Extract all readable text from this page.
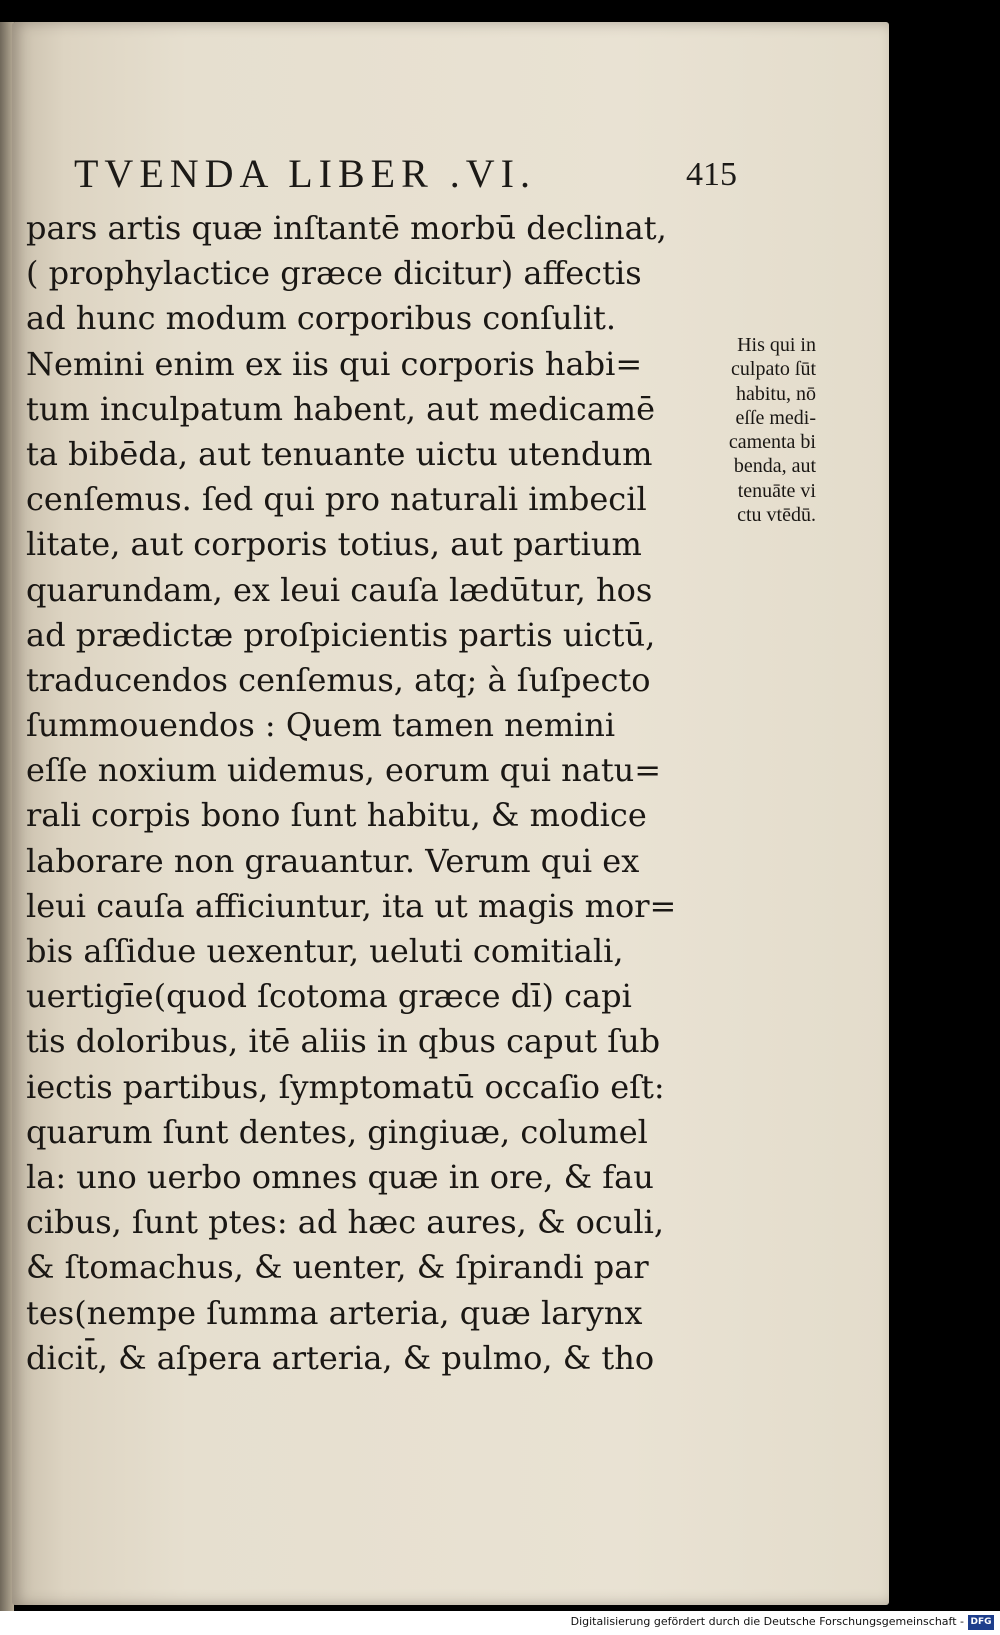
TVENDA LIBER .VI.	415
pars artis quæ inſtantē morbū declinat,
( prophylactice græce dicitur) affectis
ad hunc modum corporibus conſulit.
Nemini enim ex iis qui corporis habi=
tum inculpatum habent, aut medicamē
ta bibēda, aut tenuante uictu utendum
cenſemus. ſed qui pro naturali imbecil
litate, aut corporis totius, aut partium
quarundam, ex leui cauſa lædūtur, hos
ad prædictæ proſpicientis partis uictū,
traducendos cenſemus, atq; à ſuſpecto
ſummouendos : Quem tamen nemini
eſſe noxium uidemus, eorum qui natu=
rali corpis bono ſunt habitu, & modice
laborare non grauantur. Verum qui ex
leui cauſa afficiuntur, ita ut magis mor=
bis aſſidue uexentur, ueluti comitiali,
uertigīe(quod ſcotoma græce dī) capi
tis doloribus, itē aliis in qbus caput ſub
iectis partibus, ſymptomatū occaſio eſt:
quarum ſunt dentes, gingiuæ, columel
la: uno uerbo omnes quæ in ore, & fau
cibus, ſunt ptes: ad hæc aures, & oculi,
& ſtomachus, & uenter, & ſpirandi par
tes(nempe ſumma arteria, quæ larynx
dicit̄, & aſpera arteria, & pulmo, & tho
His qui in
culpato ſūt
habitu, nō
eſſe medi-
camenta bi
benda, aut
tenuāte vi
ctu vtēdū.
Digitalisierung gefördert durch die Deutsche Forschungsgemeinschaft - DFG
